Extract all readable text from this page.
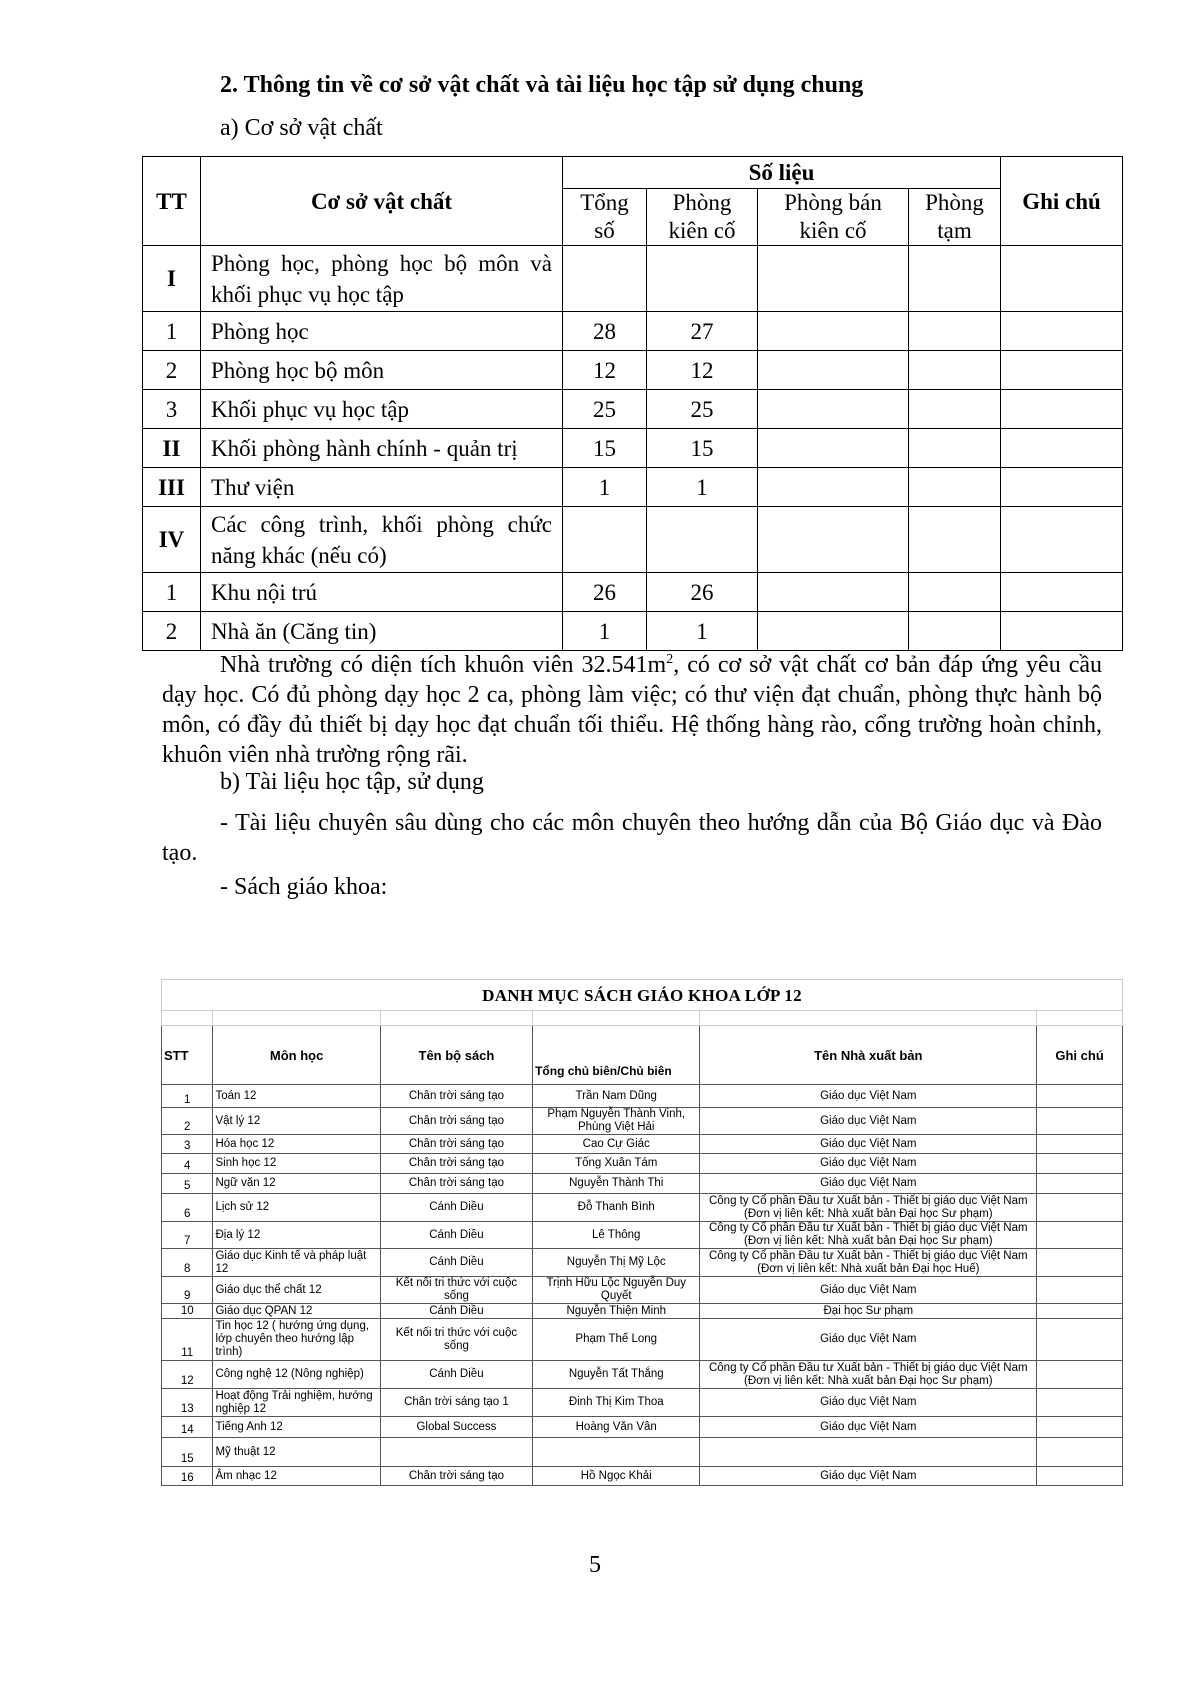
2. Thông tin về cơ sở vật chất và tài liệu học tập sử dụng chung

a) Cơ sở vật chất

TT	Cơ sở vật chất	Số liệu				Ghi chú
		Tổng số	Phòng kiên cố	Phòng bán kiên cố	Phòng tạm	
I	Phòng học, phòng học bộ môn và khối phục vụ học tập					
1	Phòng học	28	27			
2	Phòng học bộ môn	12	12			
3	Khối phục vụ học tập	25	25			
II	Khối phòng hành chính - quản trị	15	15			
III	Thư viện	1	1			
IV	Các công trình, khối phòng chức năng khác (nếu có)					
1	Khu nội trú	26	26			
2	Nhà ăn (Căng tin)	1	1			

Nhà trường có diện tích khuôn viên $32.541m^2$, có cơ sở vật chất cơ bản đáp ứng yêu cầu dạy học. Có đủ phòng dạy học 2 ca, phòng làm việc; có thư viện đạt chuẩn, phòng thực hành bộ môn, có đầy đủ thiết bị dạy học đạt chuẩn tối thiểu. Hệ thống hàng rào, cổng trường hoàn chỉnh, khuôn viên nhà trường rộng rãi.

b) Tài liệu học tập, sử dụng

- Tài liệu chuyên sâu dùng cho các môn chuyên theo hướng dẫn của Bộ Giáo dục và Đào tạo.

- Sách giáo khoa:

DANH MỤC SÁCH GIÁO KHOA LỚP 12					

STT	Môn học	Tên bộ sách	Tổng chủ biên/Chủ biên	Tên Nhà xuất bản	Ghi chú
1	Toán 12	Chân trời sáng tạo	Trần Nam Dũng	Giáo dục Việt Nam	
2	Vật lý 12	Chân trời sáng tạo	Phạm Nguyễn Thành Vinh, Phùng Việt Hải	Giáo dục Việt Nam	
3	Hóa học 12	Chân trời sáng tạo	Cao Cự Giác	Giáo dục Việt Nam	
4	Sinh học 12	Chân trời sáng tạo	Tống Xuân Tám	Giáo dục Việt Nam	
5	Ngữ văn 12	Chân trời sáng tạo	Nguyễn Thành Thi	Giáo dục Việt Nam	
6	Lịch sử 12	Cánh Diều	Đỗ Thanh Bình	Công ty Cổ phần Đầu tư Xuất bản - Thiết bị giáo dục Việt Nam (Đơn vị liên kết: Nhà xuất bản Đại học Sư phạm)	
7	Địa lý 12	Cánh Diều	Lê Thông	Công ty Cổ phần Đầu tư Xuất bản - Thiết bị giáo dục Việt Nam (Đơn vị liên kết: Nhà xuất bản Đại học Sư phạm)	
8	Giáo dục Kinh tế và pháp luật 12	Cánh Diều	Nguyễn Thị Mỹ Lộc	Công ty Cổ phần Đầu tư Xuất bản - Thiết bị giáo dục Việt Nam (Đơn vị liên kết: Nhà xuất bản Đại học Huế)	
9	Giáo dục thể chất 12	Kết nối tri thức với cuộc sống	Trịnh Hữu Lộc Nguyễn Duy Quyết	Giáo dục Việt Nam	
10	Giáo dục QPAN 12	Cánh Diều	Nguyễn Thiện Minh	Đại học Sư phạm	
11	Tin học 12 ( hướng ứng dụng, lớp chuyên theo hướng lập trình)	Kết nối tri thức với cuộc sống	Phạm Thế Long	Giáo dục Việt Nam	
12	Công nghệ 12 (Nông nghiệp)	Cánh Diều	Nguyễn Tất Thắng	Công ty Cổ phần Đầu tư Xuất bản - Thiết bị giáo dục Việt Nam (Đơn vị liên kết: Nhà xuất bản Đại học Sư phạm)	
13	Hoạt động Trải nghiệm, hướng nghiệp 12	Chân trời sáng tạo 1	Đinh Thị Kim Thoa	Giáo dục Việt Nam	
14	Tiếng Anh 12	Global Success	Hoàng Văn Vân	Giáo dục Việt Nam	
15	Mỹ thuật 12				
16	Âm nhạc 12	Chân trời sáng tạo	Hồ Ngọc Khải	Giáo dục Việt Nam	

5
